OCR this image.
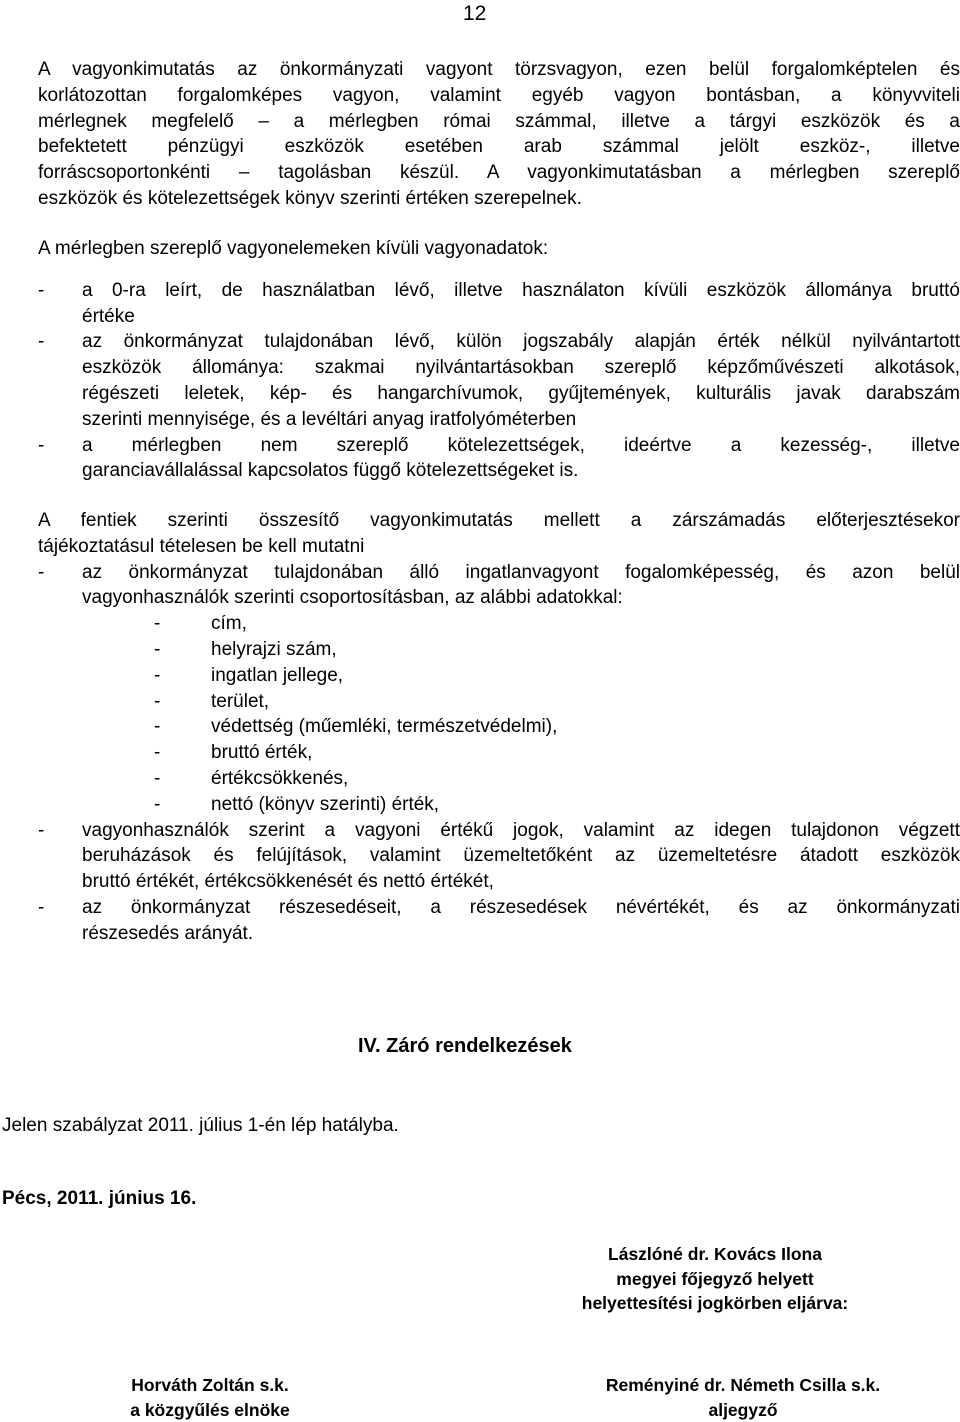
12
A vagyonkimutatás az önkormányzati vagyont törzsvagyon, ezen belül forgalomképtelen és
korlátozottan forgalomképes vagyon, valamint egyéb vagyon bontásban, a könyvviteli
mérlegnek megfelelő – a mérlegben római számmal, illetve a tárgyi eszközök és a
befektetett pénzügyi eszközök esetében arab számmal jelölt eszköz-, illetve
forráscsoportonkénti – tagolásban készül. A vagyonkimutatásban a mérlegben szereplő
eszközök és kötelezettségek könyv szerinti értéken szerepelnek.
A mérlegben szereplő vagyonelemeken kívüli vagyonadatok:
- a 0-ra leírt, de használatban lévő, illetve használaton kívüli eszközök állománya bruttó
értéke
- az önkormányzat tulajdonában lévő, külön jogszabály alapján érték nélkül nyilvántartott
eszközök állománya: szakmai nyilvántartásokban szereplő képzőművészeti alkotások,
régészeti leletek, kép- és hangarchívumok, gyűjtemények, kulturális javak darabszám
szerinti mennyisége, és a levéltári anyag iratfolyóméterben
- a mérlegben nem szereplő kötelezettségek, ideértve a kezesség-, illetve
garanciavállalással kapcsolatos függő kötelezettségeket is.
A fentiek szerinti összesítő vagyonkimutatás mellett a zárszámadás előterjesztésekor
tájékoztatásul tételesen be kell mutatni
- az önkormányzat tulajdonában álló ingatlanvagyont fogalomképesség, és azon belül
vagyonhasználók szerinti csoportosításban, az alábbi adatokkal:
-	cím,
-	helyrajzi szám,
-	ingatlan jellege,
-	terület,
-	védettség (műemléki, természetvédelmi),
-	bruttó érték,
-	értékcsökkenés,
-	nettó (könyv szerinti) érték,
- vagyonhasználók szerint a vagyoni értékű jogok, valamint az idegen tulajdonon végzett
beruházások és felújítások, valamint üzemeltetőként az üzemeltetésre átadott eszközök
bruttó értékét, értékcsökkenését és nettó értékét,
- az önkormányzat részesedéseit, a részesedések névértékét, és az önkormányzati
részesedés arányát.
IV. Záró rendelkezések
Jelen szabályzat 2011. július 1-én lép hatályba.
Pécs, 2011. június 16.
Lászlóné dr. Kovács Ilona
megyei főjegyző helyett
helyettesítési jogkörben eljárva:
Horváth Zoltán s.k.
a közgyűlés elnöke
Reményiné dr. Németh Csilla s.k.
aljegyző
